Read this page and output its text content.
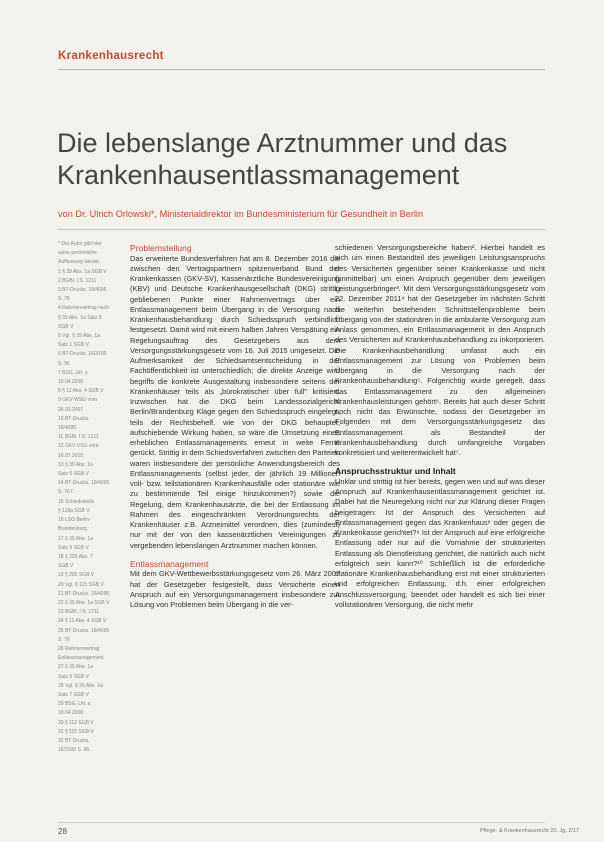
Krankenhausrecht
Die lebenslange Arztnummer und das
Krankenhausentlassmanagement
von Dr. Ulrich Orlowski*, Ministerialdirektor im Bundesministerium für Gesundheit in Berlin

* Der Autor gibt hier

seine persönliche

Auffassung wieder.

1 § 39 Abs. 1a SGB V

2 BGBl. I S. 1211

3 BT-Drucks. 18/4095

S. 76

4 Rahmenvertrag nach

§ 39 Abs. 1a Satz 9

SGB V

5 Vgl. § 39 Abs. 1a

Satz 1 SGB V

6 BT-Drucks. 16/3100

S. 96

7 BSG, Urt. v.

10.04.2008

8 § 11 Abs. 4 SGB V

9 GKV-WSG vom

26.03.2007

10 BT-Drucks.

18/4095

11 BGBl. I S. 1211

12 GKV-VSG vom

16.07.2015

13 § 39 Abs. 1a

Satz 6 SGB V

14 BT-Drucks. 18/4095

S. 76 f.

15 Schiedsstelle

§ 118a SGB V

16 LSG Berlin-

Brandenburg

17 § 39 Abs. 1a

Satz 9 SGB V

18 § 293 Abs. 7

SGB V

19 § 295 SGB V

20 Vgl. § 115 SGB V

21 BT-Drucks. 18/4095

22 § 39 Abs. 1a SGB V

23 BGBl. I S. 1211

24 § 11 Abs. 4 SGB V

25 BT-Drucks. 18/4095

S. 76

26 Rahmenvertrag

Entlassmanagement

27 § 39 Abs. 1a

Satz 9 SGB V

28 Vgl. § 39 Abs. 1a

Satz 7 SGB V

29 BSG, Urt. v.

10.04.2008

30 § 112 SGB V

31 § 115 SGB V

32 BT-Drucks.

16/3100 S. 96

Problemstellung

Das erweiterte Bundesverfahren hat am 8. Dezember 2016 die zwischen den Vertragspartnern spitzenverband Bund der Krankenkassen (GKV-SV), Kassenärztliche Bundesvereinigung (KBV) und Deutsche Krankenhausgesellschaft (DKG) strittig gebliebenen Punkte einer Rahmenvertrags über ein Entlassmanagement beim Übergang in die Versorgung nach Krankenhausbehandlung durch Schiedsspruch verbindlich festgesetzt. Damit wird mit einem halben Jahren Verspätung ein Regelungsauftrag des Gesetzgebers aus dem Versorgungsstärkungsgesetz vom 16. Juli 2015 umgesetzt. Die Aufmerksamkeit der Schiedsamtsentscheidung in der Fachöffentlichkeit ist unterschiedlich; die direkte Anzeige wird begriffs die konkrete Ausgestaltung insbesondere seitens der Krankenhäuser teils als „bürokratischer über full" kritisiert. Inzwischen hat die DKG beim Landessozialgericht Berlin/Brandenburg Klage gegen den Schiedsspruch eingelegt, teils der Rechtsbehelf, wie von der DKG behauptet, aufschiebende Wirkung haben, so wäre die Umsetzung eines erheblichen Entlassmanagements erneut in weite Ferne gerückt. Strittig in dem Schiedsverfahren zwischen den Parteien waren insbesondere der persönliche Anwendungsbereich des Entlassmanagements (selbst jeder, der jährlich 19 Millionen voll- bzw. teilstationären Krankenhausfälle oder stationäre wie zu bestimmende Teil einige hinzukommen?) sowie die Regelung, dem Krankenhausärzte, die bei der Entlassung im Rahmen des eingeschränkten Verordnungsrechts der Krankenhäuser z.B. Arzneimittel verordnen, dies (zumindest) nur mit der von den kassenärztlichen Vereinigungen zu vergebenden lebenslangen Arztnummer machen können.

Entlassmanagement

Mit dem GKV-Wettbewerbsstärkungsgesetz vom 26. März 2007 hat der Gesetzgeber festgestellt, dass Versicherte einen Anspruch auf ein Versorgungsmanagement insbesondere zur Lösung von Problemen beim Übergang in die ver-

schiedenen Versorgungsbereiche haben². Hierbei handelt es sich um einen Bestandteil des jeweiligen Leistungsanspruchs des Versicherten gegenüber seiner Krankenkasse und nicht (unmittelbar) um einen Anspruch gegenüber dem jeweiligen Leistungserbringer³. Mit dem Versorgungsstärkungsgesetz vom 22. Dezember 2011⁴ hat der Gesetzgeber im nächsten Schritt die weiterhin bestehenden Schnittstellenprobleme beim Übergang von der stationären in die ambulante Versorgung zum Anlass genommen, ein Entlassmanagement in den Anspruch des Versicherten auf Krankenhausbehandlung zu inkorporieren. Die Krankenhausbehandlung umfasst auch ein Entlassmanagement zur Lösung von Problemen beim Übergang in die Versorgung nach der Krankenhausbehandlung⁵. Folgerichtig wurde geregelt, dass das Entlassmanagement zu den allgemeinen Krankenhausleistungen gehört⁶. Bereits hat auch dieser Schritt noch nicht das Erwünschte, sodass der Gesetzgeber im Folgenden mit dem Versorgungsstärkungsgesetz das Entlassmanagement als Bestandteil der Krankenhausbehandlung durch umfangreiche Vorgaben konkretisiert und weiterentwickelt hat⁷.

Anspruchsstruktur und Inhalt

Unklar und strittig ist hier bereits, gegen wen und auf was dieser Anspruch auf Krankenhausentlassmanagement gerichtet ist. Dabei hat die Neuregelung nicht nur zur Klärung dieser Fragen beigetragen: Ist der Anspruch des Versicherten auf Entlassmanagement gegen das Krankenhaus⁸ oder gegen die Krankenkasse gerichtet?⁹ Ist der Anspruch auf eine erfolgreiche Entlassung oder nur auf die Vornahme der strukturierten Entlassung als Dienstleistung gerichtet, die natürlich auch nicht erfolgreich sein kann?¹⁰ Schließlich ist die erforderliche stationäre Krankenhausbehandlung erst mit einer strukturierten und erfolgreichen Entlassung, d.h. einer erfolgreichen Anschlussversorgung, beendet oder handelt es sich bei einer vollstationären Versorgung, die nicht mehr

28	Pflege- & Krankenhausrecht 20. Jg. 2/17
